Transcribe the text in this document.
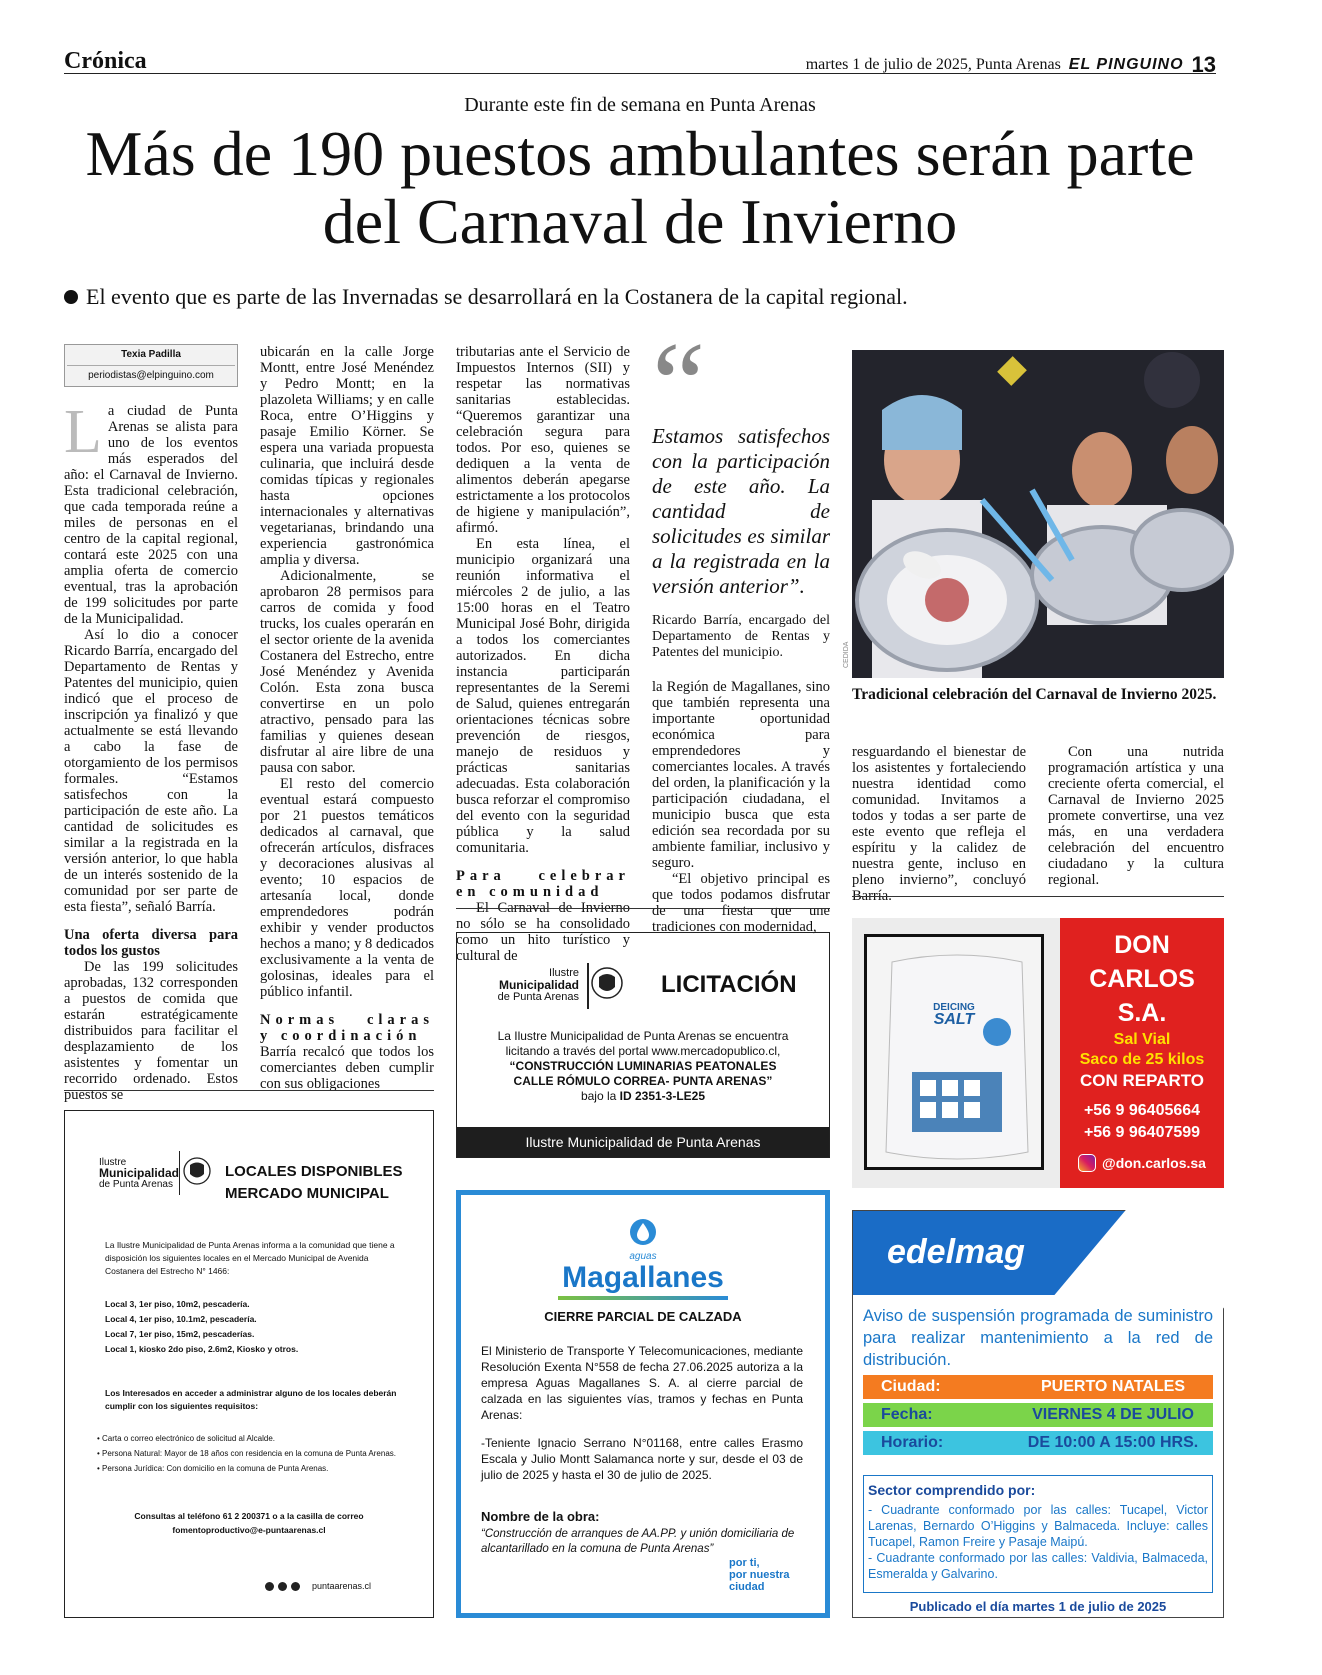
Crónica	martes 1 de julio de 2025, Punta Arenas EL PINGUINO 13
Durante este fin de semana en Punta Arenas
Más de 190 puestos ambulantes serán parte del Carnaval de Invierno
El evento que es parte de las Invernadas se desarrollará en la Costanera de la capital regional.
Texia Padilla
periodistas@elpinguino.com

La ciudad de Punta Arenas se alista para uno de los eventos más esperados del año: el Carnaval de Invierno. Esta tradicional celebración, que cada temporada reúne a miles de personas en el centro de la capital regional, contará este 2025 con una amplia oferta de comercio eventual, tras la aprobación de 199 solicitudes por parte de la Municipalidad.

Así lo dio a conocer Ricardo Barría, encargado del Departamento de Rentas y Patentes del municipio, quien indicó que el proceso de inscripción ya finalizó y que actualmente se está llevando a cabo la fase de otorgamiento de los permisos formales. “Estamos satisfechos con la participación de este año. La cantidad de solicitudes es similar a la registrada en la versión anterior, lo que habla de un interés sostenido de la comunidad por ser parte de esta fiesta”, señaló Barría.

Una oferta diversa para todos los gustos

De las 199 solicitudes aprobadas, 132 corresponden a puestos de comida que estarán estratégicamente distribuidos para facilitar el desplazamiento de los asistentes y fomentar un recorrido ordenado. Estos puestos se

ubicarán en la calle Jorge Montt, entre José Menéndez y Pedro Montt; en la plazoleta Williams; y en calle Roca, entre O’Higgins y pasaje Emilio Körner. Se espera una variada propuesta culinaria, que incluirá desde comidas típicas y regionales hasta opciones internacionales y alternativas vegetarianas, brindando una experiencia gastronómica amplia y diversa.

Adicionalmente, se aprobaron 28 permisos para carros de comida y food trucks, los cuales operarán en el sector oriente de la avenida Costanera del Estrecho, entre José Menéndez y Avenida Colón. Esta zona busca convertirse en un polo atractivo, pensado para las familias y quienes desean disfrutar al aire libre de una pausa con sabor.

El resto del comercio eventual estará compuesto por 21 puestos temáticos dedicados al carnaval, que ofrecerán artículos, disfraces y decoraciones alusivas al evento; 10 espacios de artesanía local, donde emprendedores podrán exhibir y vender productos hechos a mano; y 8 dedicados exclusivamente a la venta de golosinas, ideales para el público infantil.

Normas claras y coordinación

Barría recalcó que todos los comerciantes deben cumplir con sus obligaciones

tributarias ante el Servicio de Impuestos Internos (SII) y respetar las normativas sanitarias establecidas. “Queremos garantizar una celebración segura para todos. Por eso, quienes se dediquen a la venta de alimentos deberán apegarse estrictamente a los protocolos de higiene y manipulación”, afirmó.

En esta línea, el municipio organizará una reunión informativa el miércoles 2 de julio, a las 15:00 horas en el Teatro Municipal José Bohr, dirigida a todos los comerciantes autorizados. En dicha instancia participarán representantes de la Seremi de Salud, quienes entregarán orientaciones técnicas sobre prevención de riesgos, manejo de residuos y prácticas sanitarias adecuadas. Esta colaboración busca reforzar el compromiso del evento con la seguridad pública y la salud comunitaria.

Para celebrar en comunidad

El Carnaval de Invierno no sólo se ha consolidado como un hito turístico y cultural de

“
Estamos satisfechos con la participación de este año. La cantidad de solicitudes es similar a la registrada en la versión anterior”.
Ricardo Barría, encargado del Departamento de Rentas y Patentes del municipio.

la Región de Magallanes, sino que también representa una importante oportunidad económica para emprendedores y comerciantes locales. A través del orden, la planificación y la participación ciudadana, el municipio busca que esta edición sea recordada por su ambiente familiar, inclusivo y seguro.

“El objetivo principal es que todos podamos disfrutar de una fiesta que une tradiciones con modernidad,

CEDIDA
Tradicional celebración del Carnaval de Invierno 2025.

resguardando el bienestar de los asistentes y fortaleciendo nuestra identidad como comunidad. Invitamos a todos y todas a ser parte de este evento que refleja el espíritu y la calidez de nuestra gente, incluso en pleno invierno”, concluyó Barría.

Con una nutrida programación artística y una creciente oferta comercial, el Carnaval de Invierno 2025 promete convertirse, una vez más, en una verdadera celebración del encuentro ciudadano y la cultura regional.

Ilustre
Municipalidad
de Punta Arenas	LICITACIÓN
La Ilustre Municipalidad de Punta Arenas se encuentra
licitando a través del portal www.mercadopublico.cl,
“CONSTRUCCIÓN LUMINARIAS PEATONALES
CALLE RÓMULO CORREA- PUNTA ARENAS”
bajo la ID 2351-3-LE25
Ilustre Municipalidad de Punta Arenas
DEICING
SALT
DON
CARLOS
S.A.
Sal Vial
Saco de 25 kilos
CON REPARTO
+56 9 96405664
+56 9 96407599
@don.carlos.sa
Ilustre
Municipalidad
de Punta Arenas
LOCALES DISPONIBLES
MERCADO MUNICIPAL
La Ilustre Municipalidad de Punta Arenas informa a la comunidad que tiene a disposición los siguientes locales en el Mercado Municipal de Avenida Costanera del Estrecho N° 1466:
Local 3, 1er piso, 10m2, pescadería.
Local 4, 1er piso, 10.1m2, pescadería.
Local 7, 1er piso, 15m2, pescaderías.
Local 1, kiosko 2do piso, 2.6m2, Kiosko y otros.
Los Interesados en acceder a administrar alguno de los locales deberán cumplir con los siguientes requisitos:
• Carta o correo electrónico de solicitud al Alcalde.
• Persona Natural: Mayor de 18 años con residencia en la comuna de Punta Arenas.
• Persona Jurídica: Con domicilio en la comuna de Punta Arenas.
Consultas al teléfono 61 2 200371 o a la casilla de correo
fomentoproductivo@e-puntaarenas.cl
puntaarenas.cl
aguas
Magallanes
CIERRE PARCIAL DE CALZADA
El Ministerio de Transporte Y Telecomunicaciones, mediante Resolución Exenta N°558 de fecha 27.06.2025 autoriza a la empresa Aguas Magallanes S. A. al cierre parcial de calzada en las siguientes vías, tramos y fechas en Punta Arenas:
-Teniente Ignacio Serrano N°01168, entre calles Erasmo Escala y Julio Montt Salamanca norte y sur, desde el 03 de julio de 2025 y hasta el 30 de julio de 2025.
Nombre de la obra:
“Construcción de arranques de AA.PP. y unión domiciliaria de alcantarillado en la comuna de Punta Arenas”
por ti,
por nuestra
ciudad
edelmag
Aviso de suspensión programada de suministro para realizar mantenimiento a la red de distribución.
Ciudad:	PUERTO NATALES
Fecha:	VIERNES 4 DE JULIO
Horario:	DE 10:00 A 15:00 HRS.
Sector comprendido por:
- Cuadrante conformado por las calles: Tucapel, Victor Larenas, Bernardo O’Higgins y Balmaceda. Incluye: calles Tucapel, Ramon Freire y Pasaje Maipú.
- Cuadrante conformado por las calles: Valdivia, Balmaceda, Esmeralda y Galvarino.
Publicado el día martes 1 de julio de 2025
